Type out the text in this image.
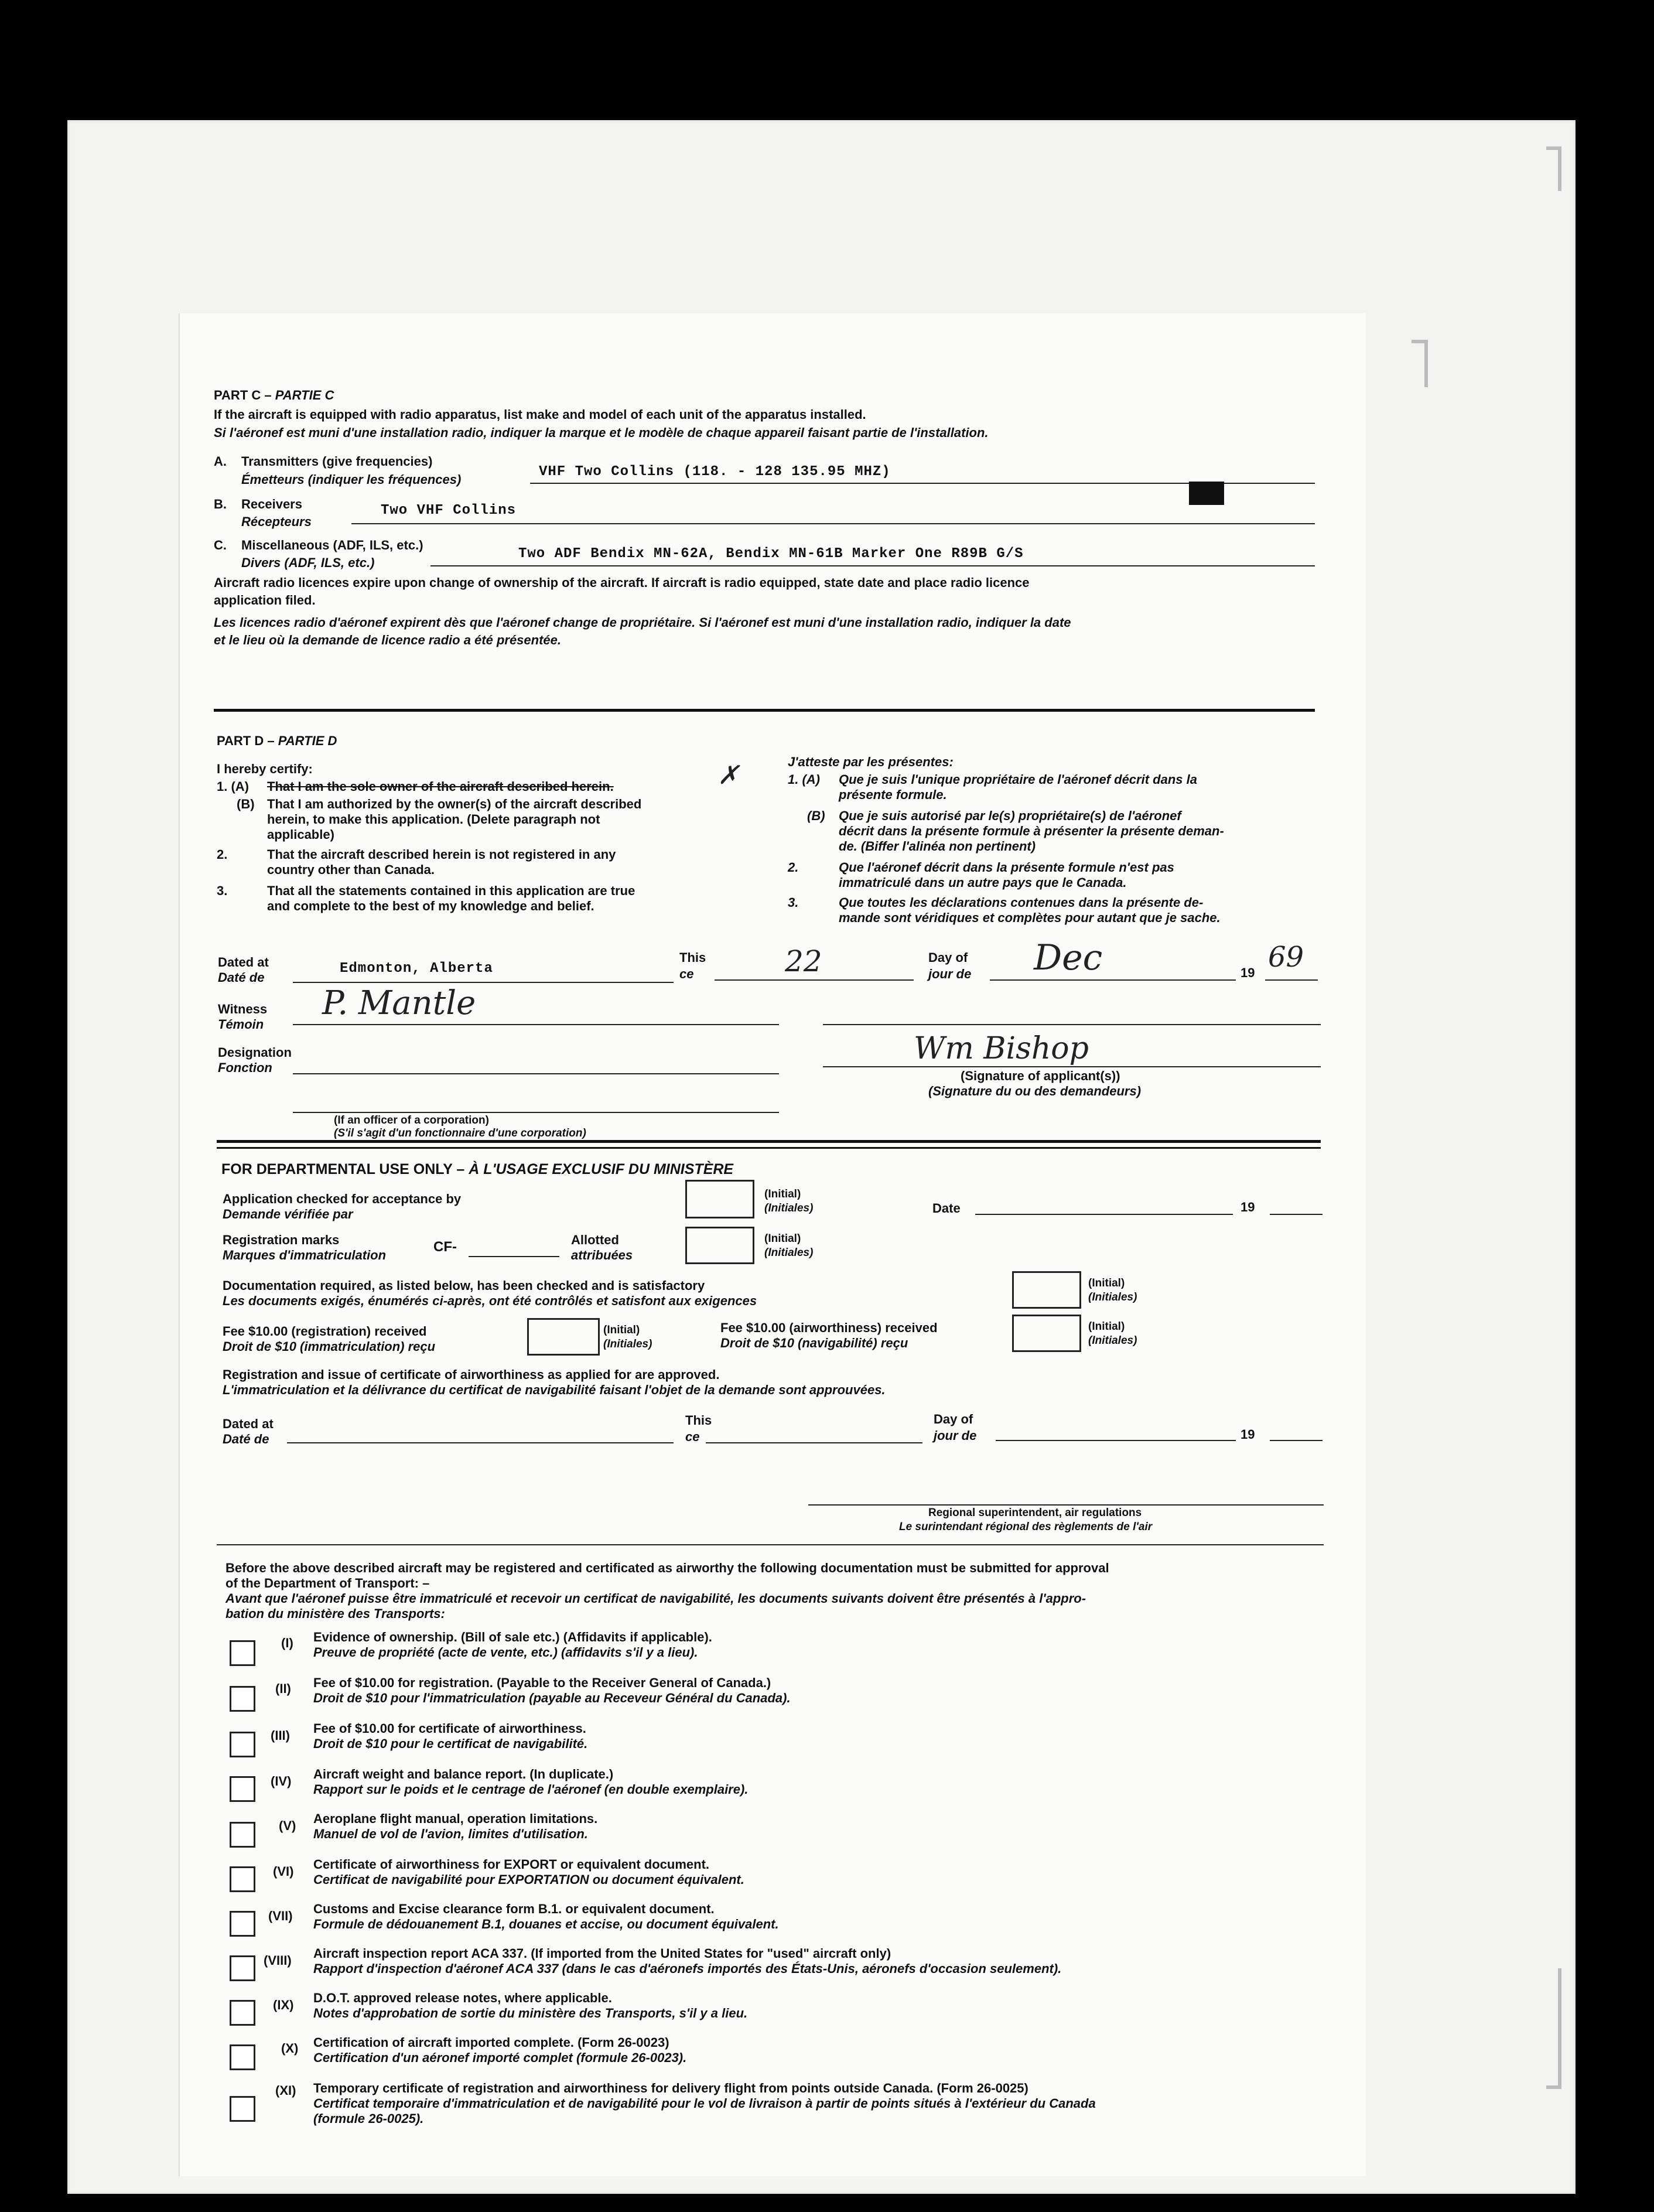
PART C – PARTIE C
If the aircraft is equipped with radio apparatus, list make and model of each unit of the apparatus installed.
Si l'aéronef est muni d'une installation radio, indiquer la marque et le modèle de chaque appareil faisant partie de l'installation.
A. Transmitters (give frequencies)
Émetteurs (indiquer les fréquences)	VHF Two Collins (118. - 128 135.95 MHZ)
B. Receivers
Récepteurs
Two VHF Collins
C. Miscellaneous (ADF, ILS, etc.)
Divers (ADF, ILS, etc.)
Two ADF Bendix MN-62A, Bendix MN-61B Marker One R89B G/S
Aircraft radio licences expire upon change of ownership of the aircraft. If aircraft is radio equipped, state date and place radio licence
application filed.
Les licences radio d'aéronef expirent dès que l'aéronef change de propriétaire. Si l'aéronef est muni d'une installation radio, indiquer la date
et le lieu où la demande de licence radio a été présentée.
PART D – PARTIE D
I hereby certify:	J'atteste par les présentes:
1. (A) That I am the sole owner of the aircraft described herein.	✗
(B) That I am authorized by the owner(s) of the aircraft described
herein, to make this application. (Delete paragraph not
applicable)
2.	That the aircraft described herein is not registered in any
country other than Canada.
3.	That all the statements contained in this application are true
and complete to the best of my knowledge and belief.
1. (A) Que je suis l'unique propriétaire de l'aéronef décrit dans la
présente formule.
(B) Que je suis autorisé par le(s) propriétaire(s) de l'aéronef
décrit dans la présente formule à présenter la présente deman-
de. (Biffer l'alinéa non pertinent)
2.	Que l'aéronef décrit dans la présente formule n'est pas
immatriculé dans un autre pays que le Canada.
3.	Que toutes les déclarations contenues dans la présente de-
mande sont véridiques et complètes pour autant que je sache.
Dated at
Daté de
Edmonton, Alberta
This
ce	22	Day of
jour de Dec	19 69
Witness
Témoin
P. Mantle
Designation
Fonction
Wm Bishop
(Signature of applicant(s))
(Signature du ou des demandeurs)
(If an officer of a corporation)
(S'il s'agit d'un fonctionnaire d'une corporation)
FOR DEPARTMENTAL USE ONLY – À L'USAGE EXCLUSIF DU MINISTÈRE
Application checked for acceptance by
Demande vérifiée par
(Initial)
(Initiales)	Date	19
Registration marks
Marques d'immatriculation
CF-	Allotted
attribuées
(Initial)
(Initiales)
Documentation required, as listed below, has been checked and is satisfactory
Les documents exigés, énumérés ci-après, ont été contrôlés et satisfont aux exigences
(Initial)
(Initiales)
Fee $10.00 (registration) received
Droit de $10 (immatriculation) reçu
(Initial)
(Initiales)
Fee $10.00 (airworthiness) received
Droit de $10 (navigabilité) reçu
(Initial)
(Initiales)
Registration and issue of certificate of airworthiness as applied for are approved.
L'immatriculation et la délivrance du certificat de navigabilité faisant l'objet de la demande sont approuvées.
Dated at
Daté de
This
ce
Day of
jour de	19
Regional superintendent, air regulations
Le surintendant régional des règlements de l'air
Before the above described aircraft may be registered and certificated as airworthy the following documentation must be submitted for approval
of the Department of Transport: –
Avant que l'aéronef puisse être immatriculé et recevoir un certificat de navigabilité, les documents suivants doivent être présentés à l'appro-
bation du ministère des Transports:
(I) Evidence of ownership. (Bill of sale etc.) (Affidavits if applicable).
Preuve de propriété (acte de vente, etc.) (affidavits s'il y a lieu).
(II) Fee of $10.00 for registration. (Payable to the Receiver General of Canada.)
Droit de $10 pour l'immatriculation (payable au Receveur Général du Canada).
(III) Fee of $10.00 for certificate of airworthiness.
Droit de $10 pour le certificat de navigabilité.
(IV) Aircraft weight and balance report. (In duplicate.)
Rapport sur le poids et le centrage de l'aéronef (en double exemplaire).
(V) Aeroplane flight manual, operation limitations.
Manuel de vol de l'avion, limites d'utilisation.
(VI) Certificate of airworthiness for EXPORT or equivalent document.
Certificat de navigabilité pour EXPORTATION ou document équivalent.
(VII) Customs and Excise clearance form B.1. or equivalent document.
Formule de dédouanement B.1, douanes et accise, ou document équivalent.
(VIII) Aircraft inspection report ACA 337. (If imported from the United States for "used" aircraft only)
Rapport d'inspection d'aéronef ACA 337 (dans le cas d'aéronefs importés des États-Unis, aéronefs d'occasion seulement).
(IX) D.O.T. approved release notes, where applicable.
Notes d'approbation de sortie du ministère des Transports, s'il y a lieu.
(X) Certification of aircraft imported complete. (Form 26-0023)
Certification d'un aéronef importé complet (formule 26-0023).
(XI) Temporary certificate of registration and airworthiness for delivery flight from points outside Canada. (Form 26-0025)
Certificat temporaire d'immatriculation et de navigabilité pour le vol de livraison à partir de points situés à l'extérieur du Canada
(formule 26-0025).
